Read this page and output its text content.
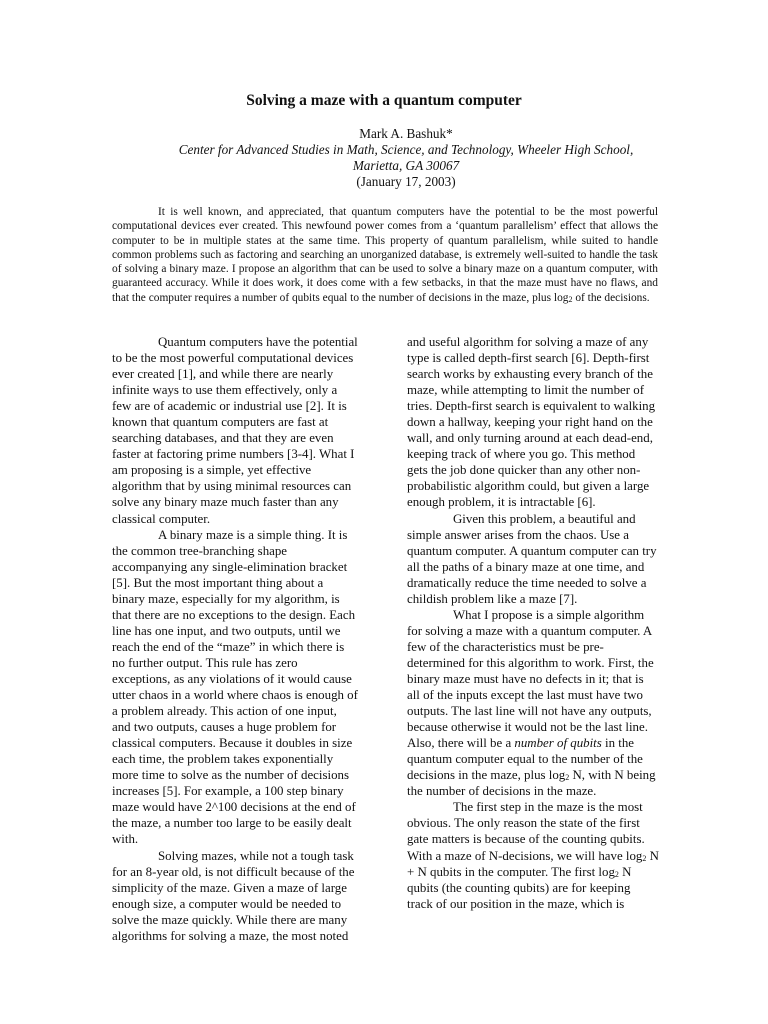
Solving a maze with a quantum computer
Mark A. Bashuk*
Center for Advanced Studies in Math, Science, and Technology, Wheeler High School,
Marietta, GA 30067
(January 17, 2003)

It is well known, and appreciated, that quantum computers have the potential to be the most powerful computational devices ever created. This newfound power comes from a ‘quantum parallelism’ effect that allows the computer to be in multiple states at the same time. This property of quantum parallelism, while suited to handle common problems such as factoring and searching an unorganized database, is extremely well-suited to handle the task of solving a binary maze. I propose an algorithm that can be used to solve a binary maze on a quantum computer, with guaranteed accuracy. While it does work, it does come with a few setbacks, in that the maze must have no flaws, and that the computer requires a number of qubits equal to the number of decisions in the maze, plus $\log_2$ of the decisions.

Quantum computers have the potential to be the most powerful computational devices ever created [1], and while there are nearly infinite ways to use them effectively, only a few are of academic or industrial use [2]. It is known that quantum computers are fast at searching databases, and that they are even faster at factoring prime numbers [3-4]. What I am proposing is a simple, yet effective algorithm that by using minimal resources can solve any binary maze much faster than any classical computer.

A binary maze is a simple thing. It is the common tree-branching shape accompanying any single-elimination bracket [5]. But the most important thing about a binary maze, especially for my algorithm, is that there are no exceptions to the design. Each line has one input, and two outputs, until we reach the end of the “maze” in which there is no further output. This rule has zero exceptions, as any violations of it would cause utter chaos in a world where chaos is enough of a problem already. This action of one input, and two outputs, causes a huge problem for classical computers. Because it doubles in size each time, the problem takes exponentially more time to solve as the number of decisions increases [5]. For example, a 100 step binary maze would have 2^100 decisions at the end of the maze, a number too large to be easily dealt with.

Solving mazes, while not a tough task for an 8-year old, is not difficult because of the simplicity of the maze. Given a maze of large enough size, a computer would be needed to solve the maze quickly. While there are many algorithms for solving a maze, the most noted

and useful algorithm for solving a maze of any type is called depth-first search [6]. Depth-first search works by exhausting every branch of the maze, while attempting to limit the number of tries. Depth-first search is equivalent to walking down a hallway, keeping your right hand on the wall, and only turning around at each dead-end, keeping track of where you go. This method gets the job done quicker than any other non-probabilistic algorithm could, but given a large enough problem, it is intractable [6].

Given this problem, a beautiful and simple answer arises from the chaos. Use a quantum computer. A quantum computer can try all the paths of a binary maze at one time, and dramatically reduce the time needed to solve a childish problem like a maze [7].

What I propose is a simple algorithm for solving a maze with a quantum computer. A few of the characteristics must be pre-determined for this algorithm to work. First, the binary maze must have no defects in it; that is all of the inputs except the last must have two outputs. The last line will not have any outputs, because otherwise it would not be the last line. Also, there will be a number of qubits in the quantum computer equal to the number of the decisions in the maze, plus $\log_2 N$, with N being the number of decisions in the maze.

The first step in the maze is the most obvious. The only reason the state of the first gate matters is because of the counting qubits. With a maze of N-decisions, we will have $\log_2 N + N$ qubits in the computer. The first $\log_2 N$ qubits (the counting qubits) are for keeping track of our position in the maze, which is
